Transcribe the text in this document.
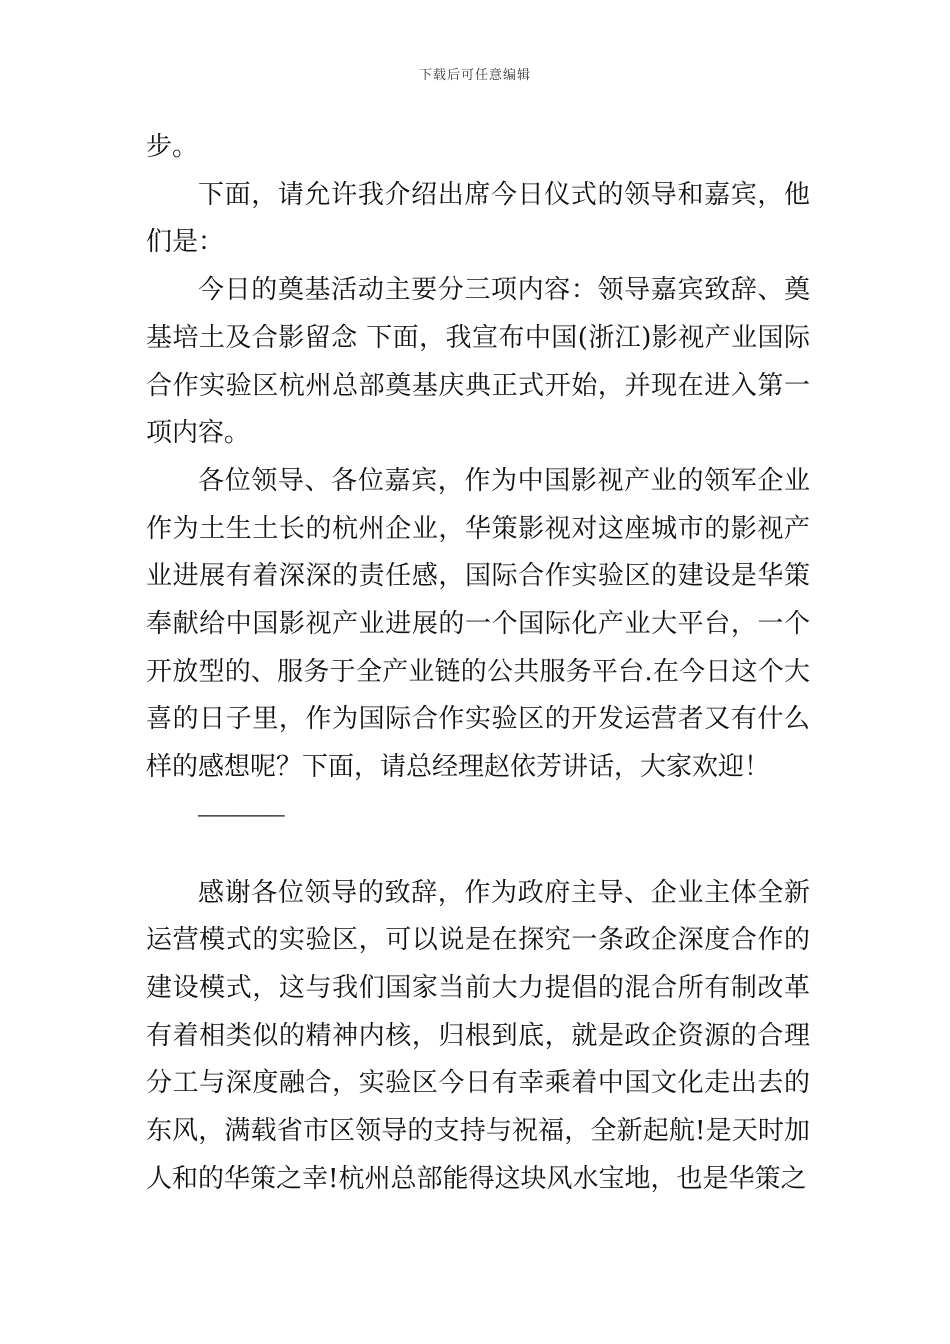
下载后可任意编辑

步。

下面，请允许我介绍出席今日仪式的领导和嘉宾，他们是：

今日的奠基活动主要分三项内容：领导嘉宾致辞、奠基培土及合影留念 下面，我宣布中国(浙江)影视产业国际合作实验区杭州总部奠基庆典正式开始，并现在进入第一项内容。

各位领导、各位嘉宾，作为中国影视产业的领军企业作为土生土长的杭州企业，华策影视对这座城市的影视产业进展有着深深的责任感，国际合作实验区的建设是华策奉献给中国影视产业进展的一个国际化产业大平台，一个开放型的、服务于全产业链的公共服务平台.在今日这个大喜的日子里，作为国际合作实验区的开发运营者又有什么样的感想呢？下面，请总经理赵依芳讲话，大家欢迎！

————————

感谢各位领导的致辞，作为政府主导、企业主体全新运营模式的实验区，可以说是在探究一条政企深度合作的建设模式，这与我们国家当前大力提倡的混合所有制改革有着相类似的精神内核，归根到底，就是政企资源的合理分工与深度融合，实验区今日有幸乘着中国文化走出去的东风，满载省市区领导的支持与祝福，全新起航!是天时加人和的华策之幸!杭州总部能得这块风水宝地，也是华策之
